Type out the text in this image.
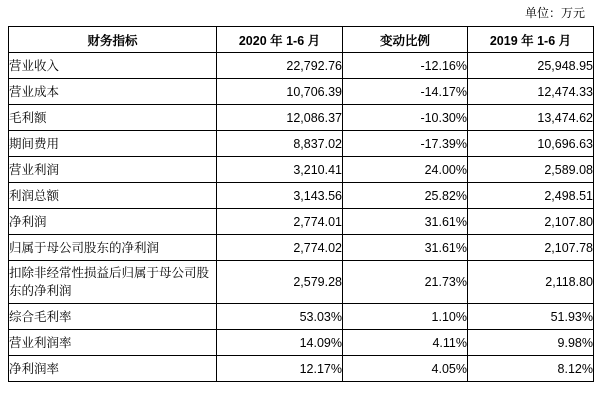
单位：万元
财务指标	2020 年 1-6 月	变动比例	2019 年 1-6 月
营业收入	22,792.76	-12.16%	25,948.95
营业成本	10,706.39	-14.17%	12,474.33
毛利额	12,086.37	-10.30%	13,474.62
期间费用	8,837.02	-17.39%	10,696.63
营业利润	3,210.41	24.00%	2,589.08
利润总额	3,143.56	25.82%	2,498.51
净利润	2,774.01	31.61%	2,107.80
归属于母公司股东的净利润	2,774.02	31.61%	2,107.78
扣除非经常性损益后归属于母公司股东的净利润	2,579.28	21.73%	2,118.80
综合毛利率	53.03%	1.10%	51.93%
营业利润率	14.09%	4.11%	9.98%
净利润率	12.17%	4.05%	8.12%
